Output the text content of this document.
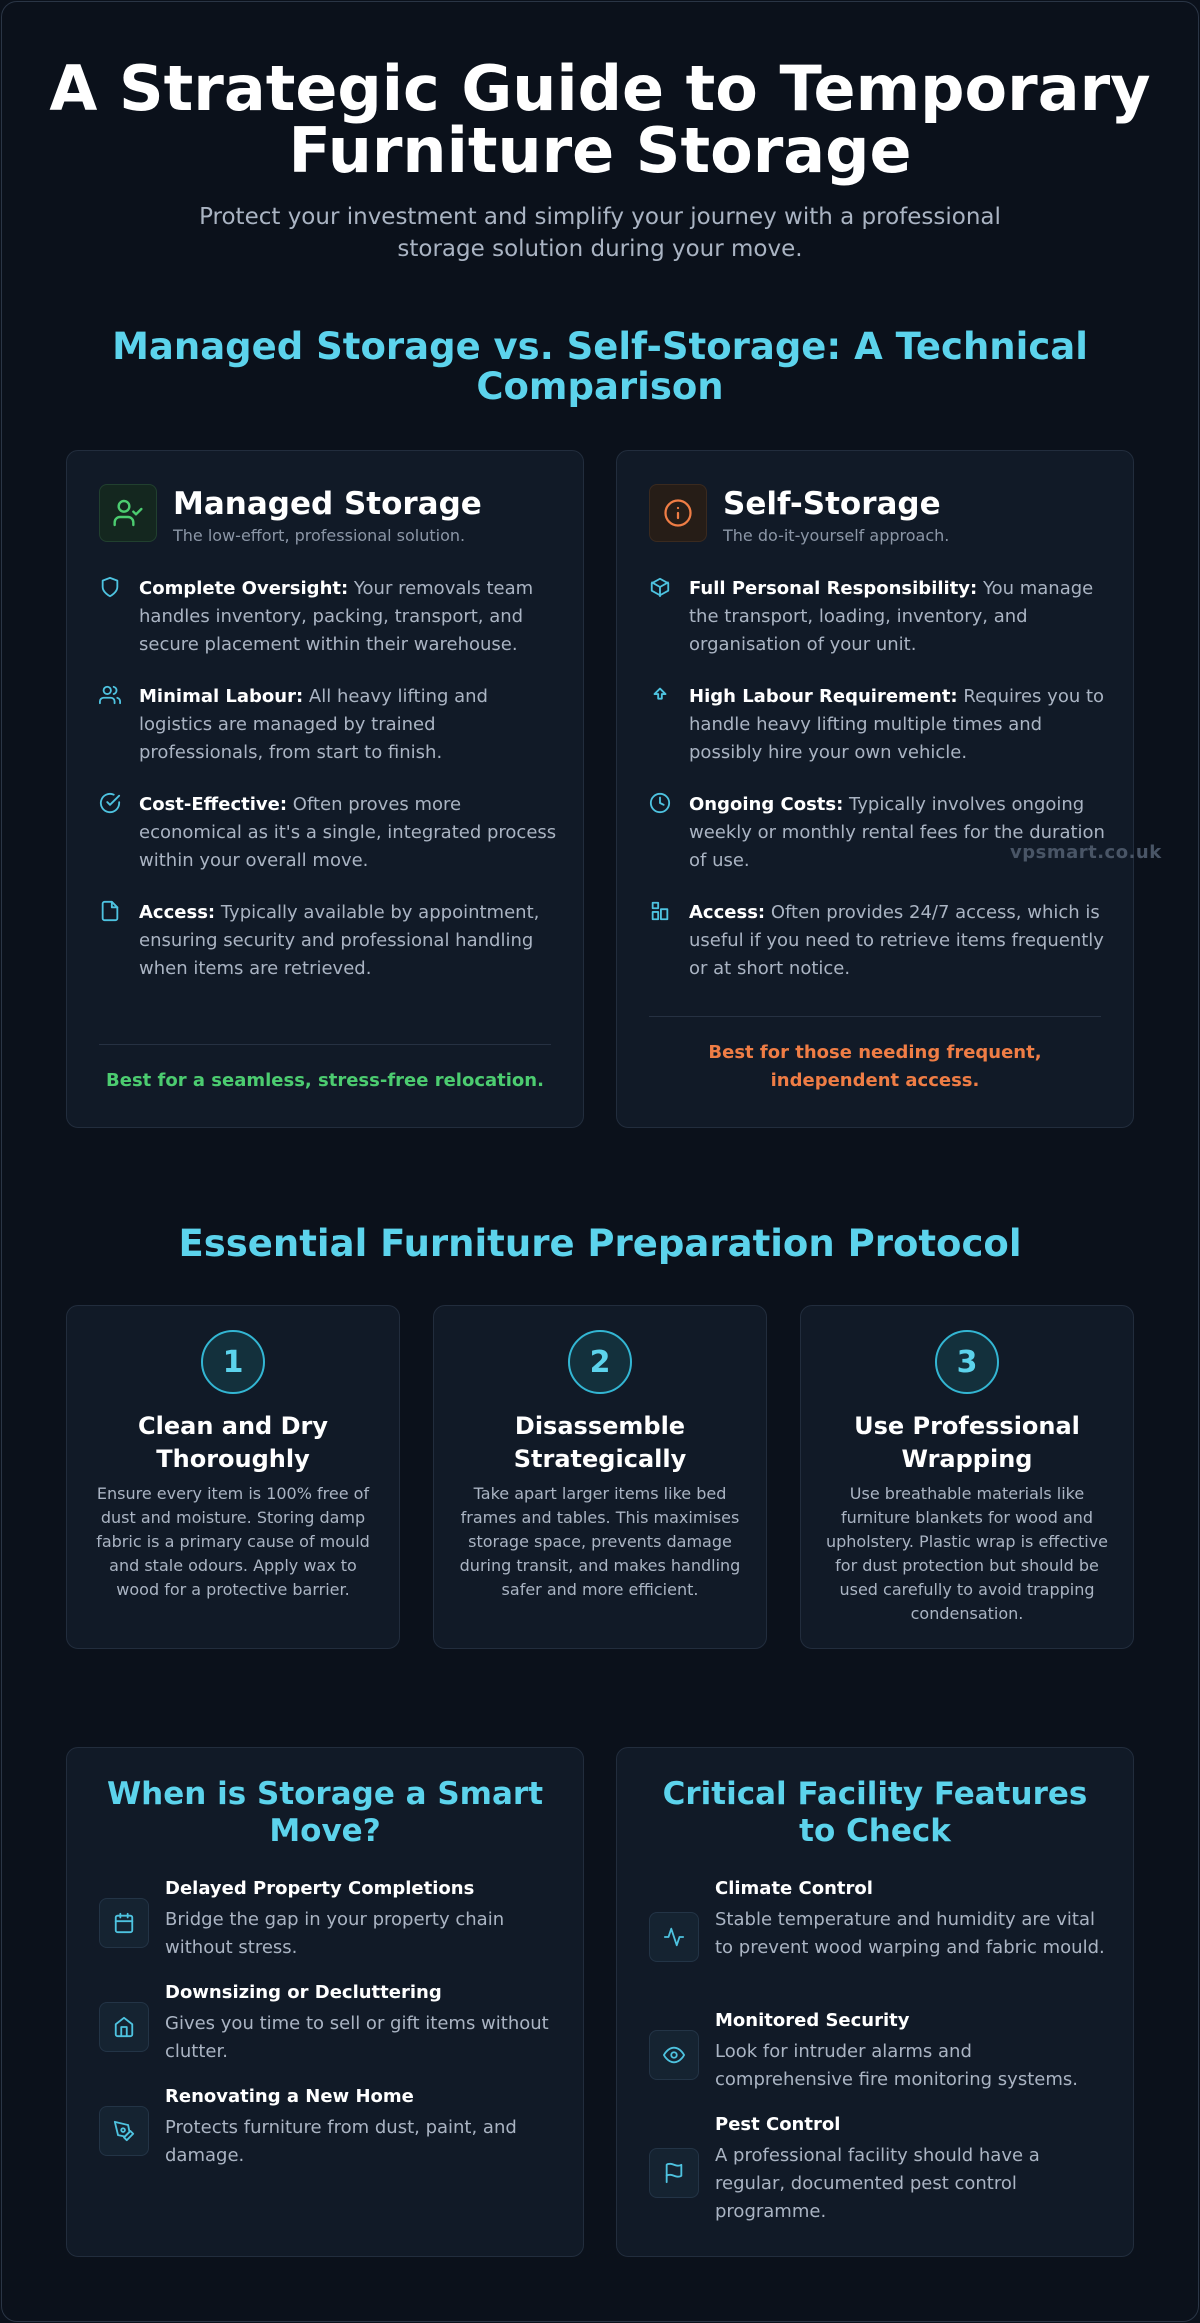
A Strategic Guide to Temporary
Furniture Storage

Protect your investment and simplify your journey with a professional
storage solution during your move.

Managed Storage vs. Self-Storage: A Technical
Comparison
Managed Storage
The low-effort, professional solution.

Complete Oversight: Your removals team handles inventory, packing, transport, and secure placement within their warehouse.

Minimal Labour: All heavy lifting and logistics are managed by trained professionals, from start to finish.

Cost-Effective: Often proves more economical as it's a single, integrated process within your overall move.

Access: Typically available by appointment, ensuring security and professional handling when items are retrieved.

Best for a seamless, stress-free relocation.
Self-Storage
The do-it-yourself approach.

Full Personal Responsibility: You manage the transport, loading, inventory, and organisation of your unit.

High Labour Requirement: Requires you to handle heavy lifting multiple times and possibly hire your own vehicle.

Ongoing Costs: Typically involves ongoing weekly or monthly rental fees for the duration of use.

Access: Often provides 24/7 access, which is useful if you need to retrieve items frequently or at short notice.

Best for those needing frequent,
independent access.
vpsmart.co.uk
Essential Furniture Preparation Protocol
1
Clean and Dry
Thoroughly
Ensure every item is 100% free of dust and moisture. Storing damp fabric is a primary cause of mould and stale odours. Apply wax to wood for a protective barrier.
2
Disassemble
Strategically
Take apart larger items like bed frames and tables. This maximises storage space, prevents damage during transit, and makes handling safer and more efficient.
3
Use Professional
Wrapping
Use breathable materials like furniture blankets for wood and upholstery. Plastic wrap is effective for dust protection but should be used carefully to avoid trapping condensation.
When is Storage a Smart
Move?
Delayed Property Completions
Bridge the gap in your property chain without stress.
Downsizing or Decluttering
Gives you time to sell or gift items without clutter.
Renovating a New Home
Protects furniture from dust, paint, and damage.
Critical Facility Features
to Check
Climate Control
Stable temperature and humidity are vital to prevent wood warping and fabric mould.
Monitored Security
Look for intruder alarms and comprehensive fire monitoring systems.
Pest Control
A professional facility should have a regular, documented pest control programme.
